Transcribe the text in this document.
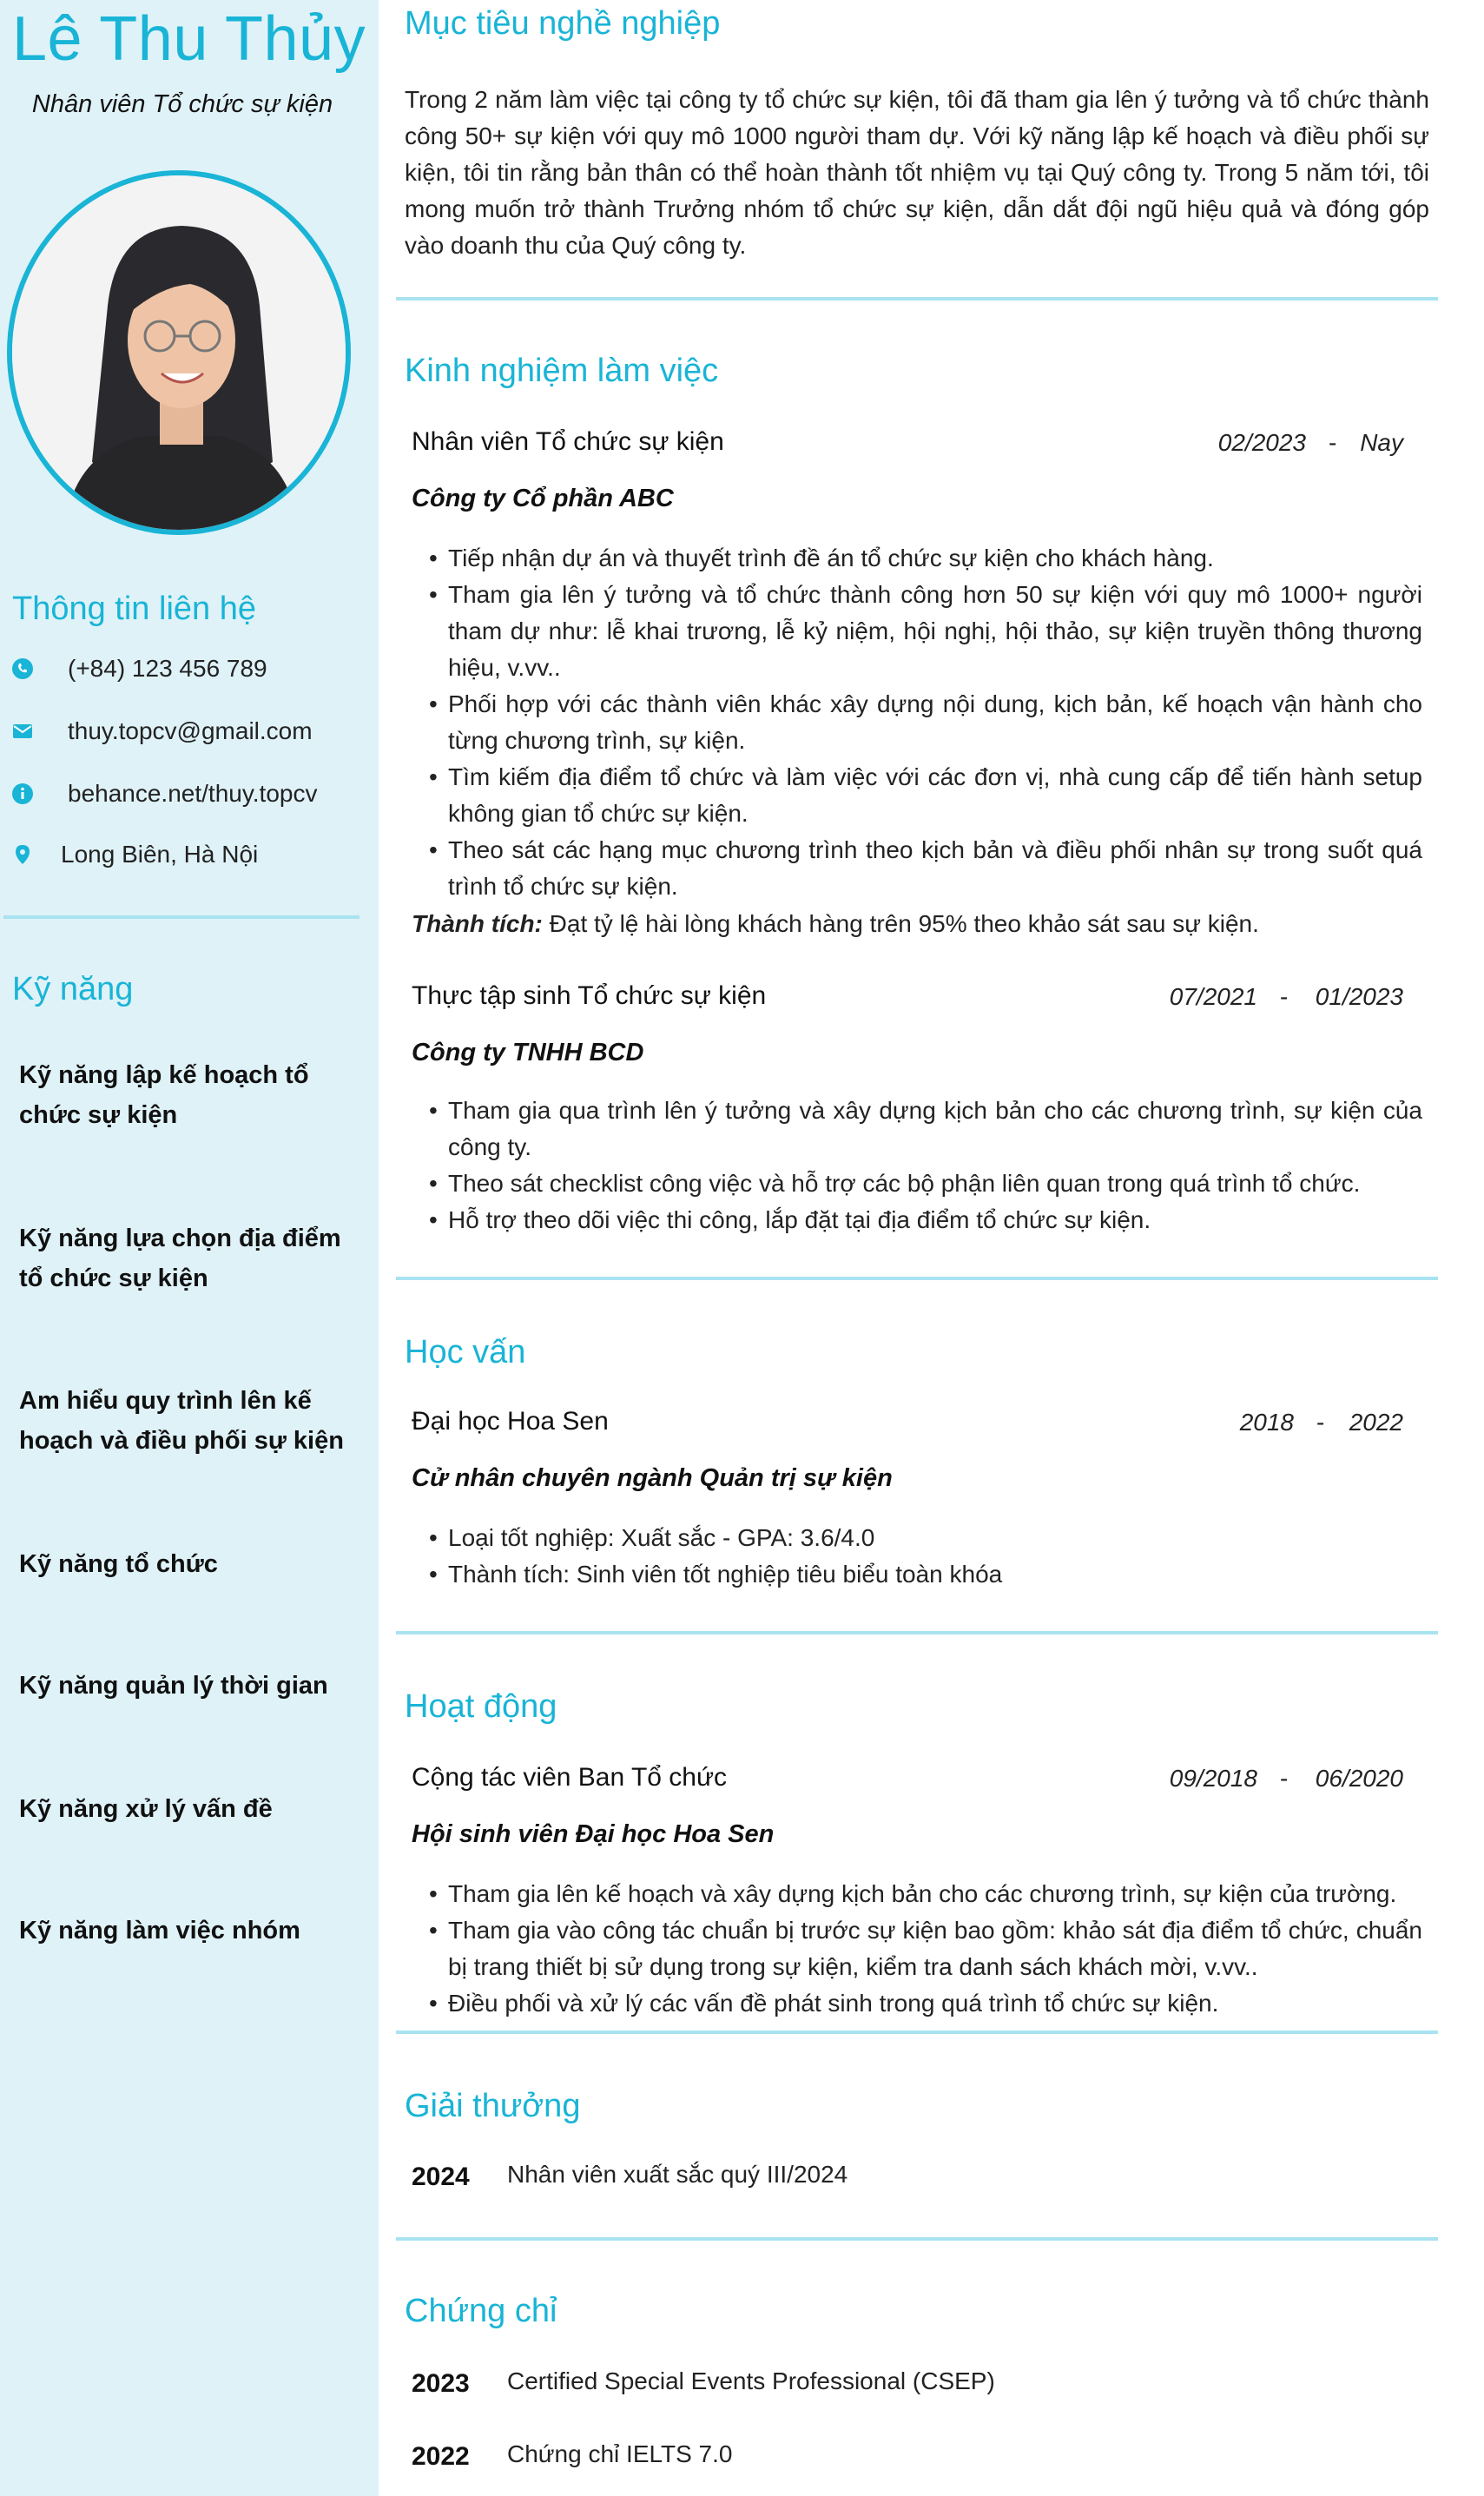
Lê Thu Thủy
Nhân viên Tổ chức sự kiện
Thông tin liên hệ
(+84) 123 456 789
thuy.topcv@gmail.com
behance.net/thuy.topcv
Long Biên, Hà Nội
Kỹ năng
Kỹ năng lập kế hoạch tổ chức sự kiện
Kỹ năng lựa chọn địa điểm tổ chức sự kiện
Am hiểu quy trình lên kế hoạch và điều phối sự kiện
Kỹ năng tổ chức
Kỹ năng quản lý thời gian
Kỹ năng xử lý vấn đề
Kỹ năng làm việc nhóm
Mục tiêu nghề nghiệp
Trong 2 năm làm việc tại công ty tổ chức sự kiện, tôi đã tham gia lên ý tưởng và tổ chức thành công 50+ sự kiện với quy mô 1000 người tham dự. Với kỹ năng lập kế hoạch và điều phối sự kiện, tôi tin rằng bản thân có thể hoàn thành tốt nhiệm vụ tại Quý công ty. Trong 5 năm tới, tôi mong muốn trở thành Trưởng nhóm tổ chức sự kiện, dẫn dắt đội ngũ hiệu quả và đóng góp vào doanh thu của Quý công ty.
Kinh nghiệm làm việc
Nhân viên Tổ chức sự kiện	02/2023 - Nay
Công ty Cổ phần ABC
• Tiếp nhận dự án và thuyết trình đề án tổ chức sự kiện cho khách hàng.
• Tham gia lên ý tưởng và tổ chức thành công hơn 50 sự kiện với quy mô 1000+ người tham dự như: lễ khai trương, lễ kỷ niệm, hội nghị, hội thảo, sự kiện truyền thông thương hiệu, v.vv..
• Phối hợp với các thành viên khác xây dựng nội dung, kịch bản, kế hoạch vận hành cho từng chương trình, sự kiện.
• Tìm kiếm địa điểm tổ chức và làm việc với các đơn vị, nhà cung cấp để tiến hành setup không gian tổ chức sự kiện.
• Theo sát các hạng mục chương trình theo kịch bản và điều phối nhân sự trong suốt quá trình tổ chức sự kiện.
Thành tích: Đạt tỷ lệ hài lòng khách hàng trên 95% theo khảo sát sau sự kiện.
Thực tập sinh Tổ chức sự kiện	07/2021 -	01/2023
Công ty TNHH BCD
• Tham gia qua trình lên ý tưởng và xây dựng kịch bản cho các chương trình, sự kiện của công ty.
• Theo sát checklist công việc và hỗ trợ các bộ phận liên quan trong quá trình tổ chức.
• Hỗ trợ theo dõi việc thi công, lắp đặt tại địa điểm tổ chức sự kiện.
Học vấn
Đại học Hoa Sen	2018 -	2022
Cử nhân chuyên ngành Quản trị sự kiện
• Loại tốt nghiệp: Xuất sắc - GPA: 3.6/4.0
• Thành tích: Sinh viên tốt nghiệp tiêu biểu toàn khóa
Hoạt động
Cộng tác viên Ban Tổ chức	09/2018 -	06/2020
Hội sinh viên Đại học Hoa Sen
• Tham gia lên kế hoạch và xây dựng kịch bản cho các chương trình, sự kiện của trường.
• Tham gia vào công tác chuẩn bị trước sự kiện bao gồm: khảo sát địa điểm tổ chức, chuẩn bị trang thiết bị sử dụng trong sự kiện, kiểm tra danh sách khách mời, v.vv..
• Điều phối và xử lý các vấn đề phát sinh trong quá trình tổ chức sự kiện.
Giải thưởng
2024 Nhân viên xuất sắc quý III/2024
Chứng chỉ
2023 Certified Special Events Professional (CSEP)
2022 Chứng chỉ IELTS 7.0
